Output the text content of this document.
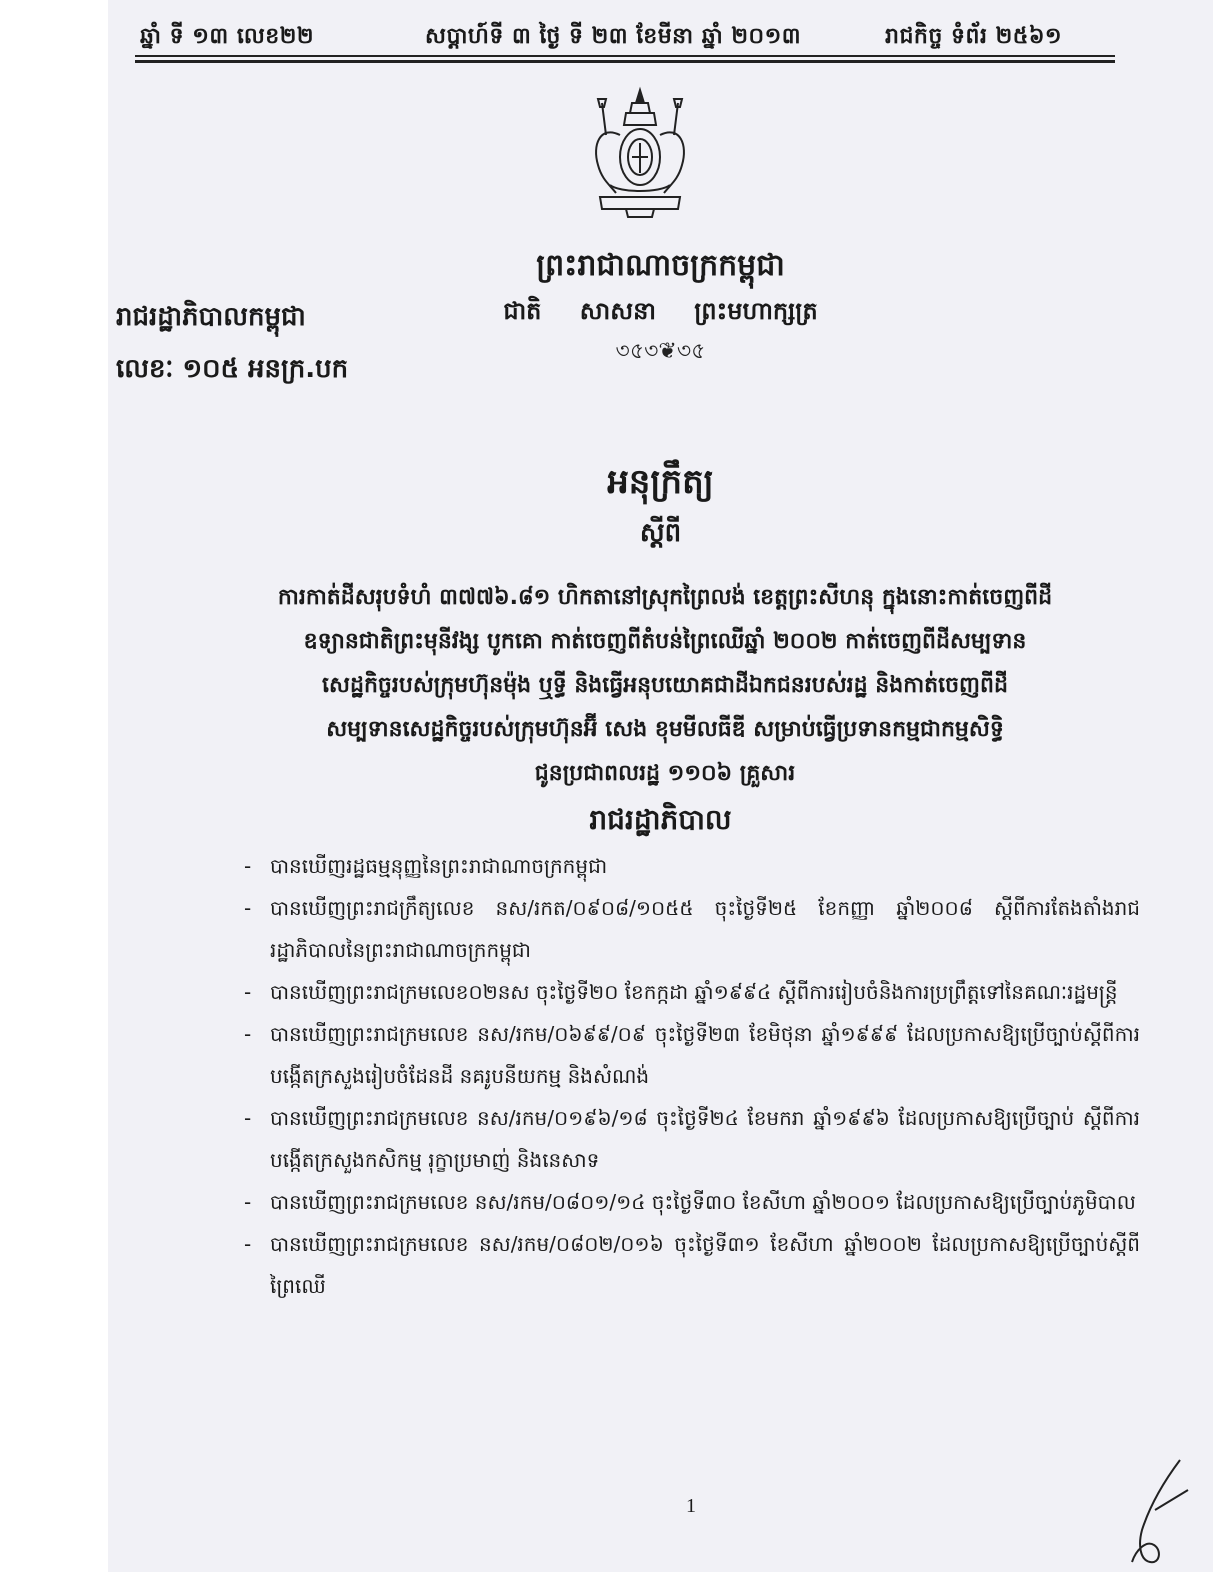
ឆ្នាំ ទី ១៣ លេខ២២	សប្តាហ៍ទី ៣ ថ្ងៃ ទី ២៣ ខែមីនា ឆ្នាំ ២០១៣	រាជកិច្ច ទំព័រ ២៥៦១
ព្រះរាជាណាចក្រកម្ពុជា
ជាតិ សាសនា ព្រះមហាក្សត្រ
৩৫৩❦৩৫
រាជរដ្ឋាភិបាលកម្ពុជា
លេខៈ ១០៥ អនក្រ.បក
អនុក្រឹត្យ
ស្តីពី
ការកាត់ដីសរុបទំហំ ៣៧៧៦.៨១ ហិកតានៅស្រុកព្រៃលង់ ខេត្តព្រះសីហនុ ក្នុងនោះកាត់ចេញពីដី
ឧទ្យានជាតិព្រះមុនីវង្ស បូកគោ កាត់ចេញពីតំបន់ព្រៃឈើឆ្នាំ ២០០២ កាត់ចេញពីដីសម្បទាន
សេដ្ឋកិច្ចរបស់ក្រុមហ៊ុនម៉ុង ឬទ្ធី និងធ្វើអនុបយោគជាដីឯកជនរបស់រដ្ឋ និងកាត់ចេញពីដី
សម្បទានសេដ្ឋកិច្ចរបស់ក្រុមហ៊ុនអ៊ី សេង ខុមមីលធីឌី សម្រាប់ធ្វើប្រទានកម្មជាកម្មសិទ្ធិ
ជូនប្រជាពលរដ្ឋ ១១០៦ គ្រួសារ
រាជរដ្ឋាភិបាល
- បានឃើញរដ្ឋធម្មនុញ្ញនៃព្រះរាជាណាចក្រកម្ពុជា
- បានឃើញព្រះរាជក្រឹត្យលេខ នស/រកត/០៩០៨/១០៥៥ ចុះថ្ងៃទី២៥ ខែកញ្ញា ឆ្នាំ២០០៨ ស្តីពីការតែងតាំងរាជរដ្ឋាភិបាលនៃព្រះរាជាណាចក្រកម្ពុជា
- បានឃើញព្រះរាជក្រមលេខ០២នស ចុះថ្ងៃទី២០ ខែកក្កដា ឆ្នាំ១៩៩៤ ស្តីពីការរៀបចំនិងការប្រព្រឹត្តទៅនៃគណៈរដ្ឋមន្ត្រី
- បានឃើញព្រះរាជក្រមលេខ នស/រកម/០៦៩៩/០៩ ចុះថ្ងៃទី២៣ ខែមិថុនា ឆ្នាំ១៩៩៩ ដែលប្រកាសឱ្យប្រើច្បាប់ស្តីពីការបង្កើតក្រសួងរៀបចំដែនដី នគរូបនីយកម្ម និងសំណង់
- បានឃើញព្រះរាជក្រមលេខ នស/រកម/០១៩៦/១៨ ចុះថ្ងៃទី២៤ ខែមករា ឆ្នាំ១៩៩៦ ដែលប្រកាសឱ្យប្រើច្បាប់ ស្តីពីការបង្កើតក្រសួងកសិកម្ម រុក្ខាប្រមាញ់ និងនេសាទ
- បានឃើញព្រះរាជក្រមលេខ នស/រកម/០៨០១/១៤ ចុះថ្ងៃទី៣០ ខែសីហា ឆ្នាំ២០០១ ដែលប្រកាសឱ្យប្រើច្បាប់ភូមិបាល
- បានឃើញព្រះរាជក្រមលេខ នស/រកម/០៨០២/០១៦ ចុះថ្ងៃទី៣១ ខែសីហា ឆ្នាំ២០០២ ដែលប្រកាសឱ្យប្រើច្បាប់ស្តីពីព្រៃឈើ
1
